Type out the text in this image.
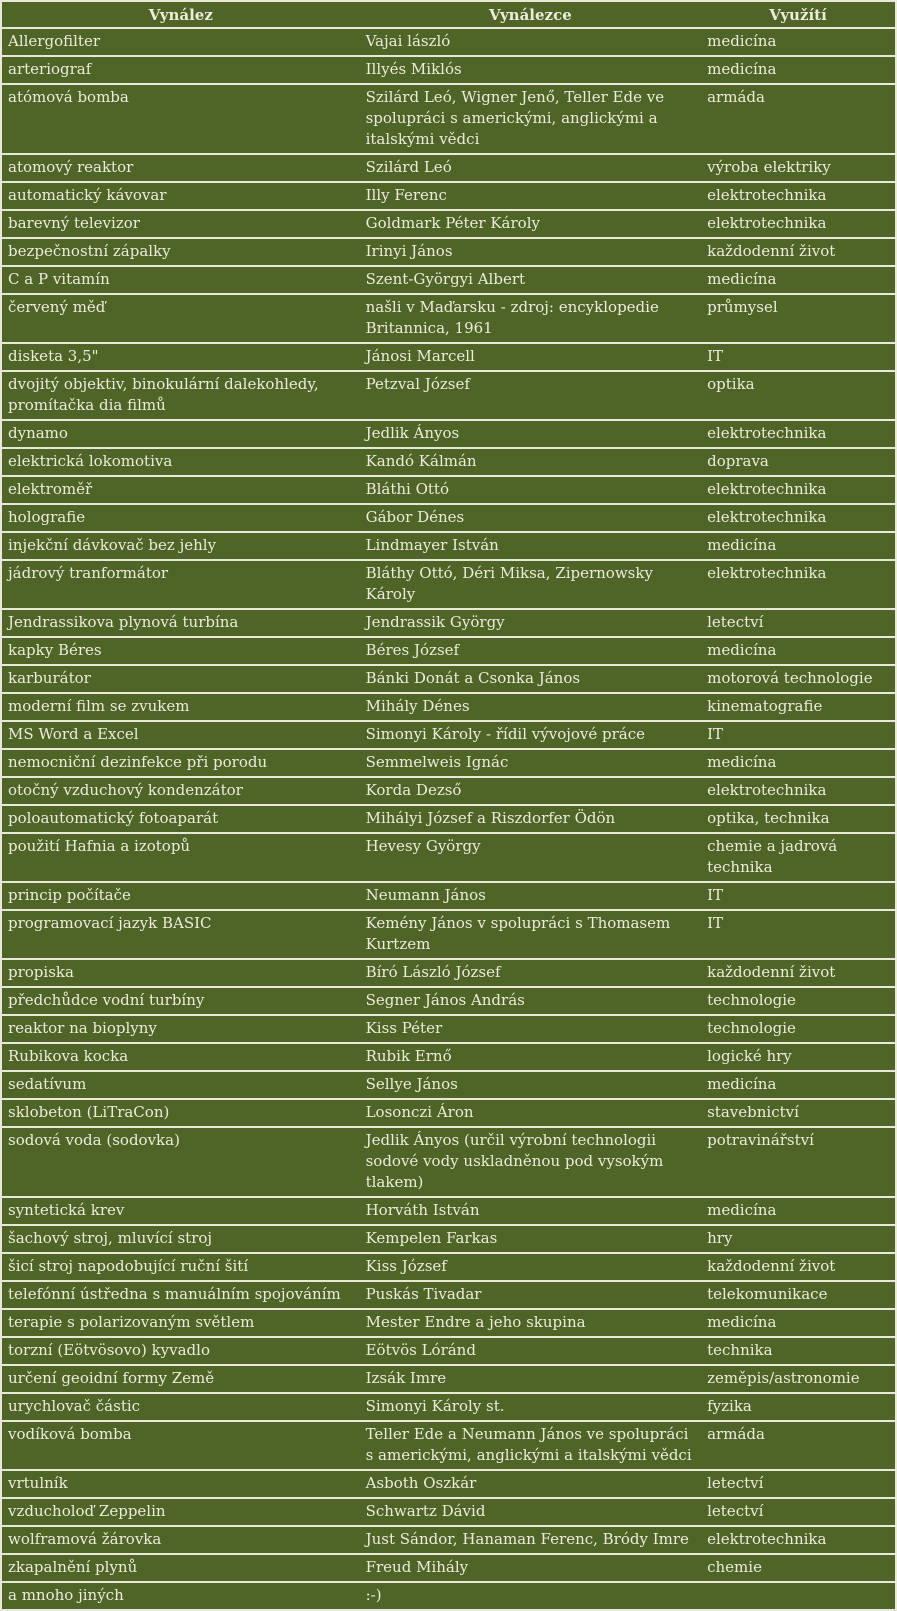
Vynález	Vynálezce	Využítí
Allergofilter	Vajai lászló	medicína
arteriograf	Illyés Miklós	medicína
atómová bomba	Szilárd Leó, Wigner Jenő, Teller Ede ve spolupráci s americkými, anglickými a italskými vědci	armáda
atomový reaktor	Szilárd Leó	výroba elektriky
automatický kávovar	Illy Ferenc	elektrotechnika
barevný televizor	Goldmark Péter Károly	elektrotechnika
bezpečnostní zápalky	Irinyi János	každodenní život
C a P vitamín	Szent-Györgyi Albert	medicína
červený měď	našli v Maďarsku - zdroj: encyklopedie Britannica, 1961	průmysel
disketa 3,5"	Jánosi Marcell	IT
dvojitý objektiv, binokulární dalekohledy, promítačka dia filmů	Petzval József	optika
dynamo	Jedlik Ányos	elektrotechnika
elektrická lokomotiva	Kandó Kálmán	doprava
elektroměř	Bláthi Ottó	elektrotechnika
holografie	Gábor Dénes	elektrotechnika
injekční dávkovač bez jehly	Lindmayer István	medicína
jádrový tranformátor	Bláthy Ottó, Déri Miksa, Zipernowsky Károly	elektrotechnika
Jendrassikova plynová turbína	Jendrassik György	letectví
kapky Béres	Béres József	medicína
karburátor	Bánki Donát a Csonka János	motorová technologie
moderní film se zvukem	Mihály Dénes	kinematografie
MS Word a Excel	Simonyi Károly - řídil vývojové práce	IT
nemocniční dezinfekce při porodu	Semmelweis Ignác	medicína
otočný vzduchový kondenzátor	Korda Dezső	elektrotechnika
poloautomatický fotoaparát	Mihályi József a Riszdorfer Ödön	optika, technika
použití Hafnia a izotopů	Hevesy György	chemie a jadrová technika
princip počítače	Neumann János	IT
programovací jazyk BASIC	Kemény János v spolupráci s Thomasem Kurtzem	IT
propiska	Bíró László József	každodenní život
předchůdce vodní turbíny	Segner János András	technologie
reaktor na bioplyny	Kiss Péter	technologie
Rubikova kocka	Rubik Ernő	logické hry
sedatívum	Sellye János	medicína
sklobeton (LiTraCon)	Losonczi Áron	stavebnictví
sodová voda (sodovka)	Jedlik Ányos (určil výrobní technologii sodové vody uskladněnou pod vysokým tlakem)	potravinářství
syntetická krev	Horváth István	medicína
šachový stroj, mluvící stroj	Kempelen Farkas	hry
šicí stroj napodobující ruční šití	Kiss József	každodenní život
telefónní ústředna s manuálním spojováním	Puskás Tivadar	telekomunikace
terapie s polarizovaným světlem	Mester Endre a jeho skupina	medicína
torzní (Eötvösovo) kyvadlo	Eötvös Lóránd	technika
určení geoidní formy Země	Izsák Imre	zeměpis/astronomie
urychlovač částic	Simonyi Károly st.	fyzika
vodíková bomba	Teller Ede a Neumann János ve spolupráci s americkými, anglickými a italskými vědci	armáda
vrtulník	Asboth Oszkár	letectví
vzducholoď Zeppelin	Schwartz Dávid	letectví
wolframová žárovka	Just Sándor, Hanaman Ferenc, Bródy Imre	elektrotechnika
zkapalnění plynů	Freud Mihály	chemie
a mnoho jiných	:-)	
